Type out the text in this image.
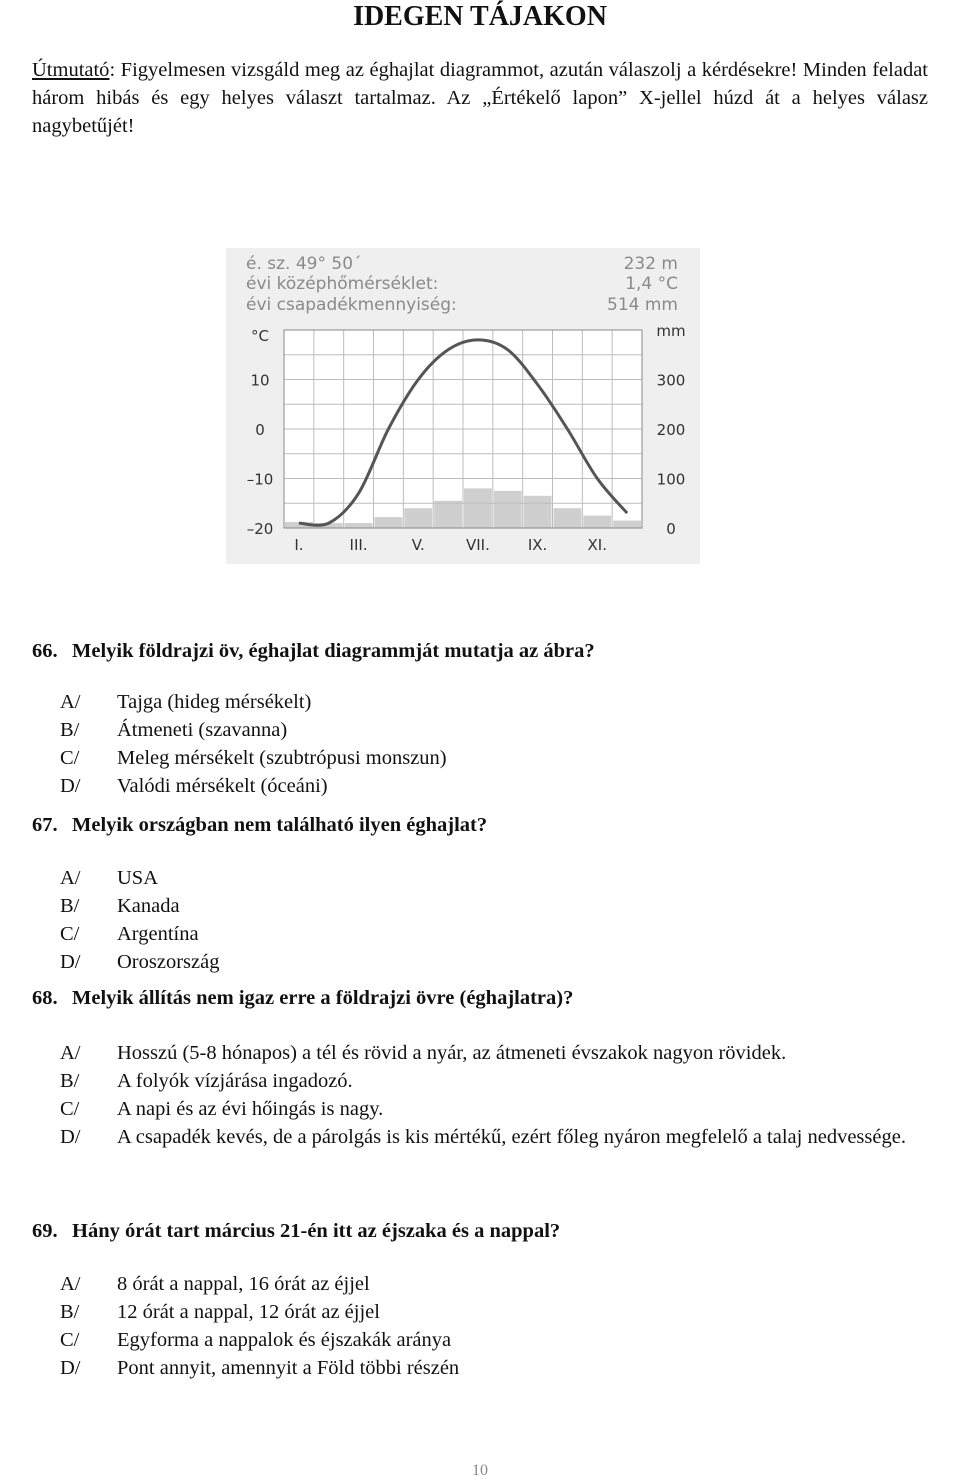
IDEGEN TÁJAKON
Útmutató: Figyelmesen vizsgáld meg az éghajlat diagrammot, azután válaszolj a kérdésekre! Minden feladat három hibás és egy helyes választ tartalmaz. Az „Értékelő lapon” X-jellel húzd át a helyes válasz nagybetűjét!
é. sz. 49° 50´	232 m
évi középhőmérséklet:	1,4 °C
évi csapadékmennyiség:	514 mm
°C	mm
10
0
–10
–20
300
200
100
0
I.	III.	V.	VII.	IX.	XI.
66. Melyik földrajzi öv, éghajlat diagrammját mutatja az ábra?
A/ Tajga (hideg mérsékelt)
B/ Átmeneti (szavanna)
C/ Meleg mérsékelt (szubtrópusi monszun)
D/ Valódi mérsékelt (óceáni)
67. Melyik országban nem található ilyen éghajlat?
A/ USA
B/ Kanada
C/ Argentína
D/ Oroszország
68. Melyik állítás nem igaz erre a földrajzi övre (éghajlatra)?
A/ Hosszú (5-8 hónapos) a tél és rövid a nyár, az átmeneti évszakok nagyon rövidek.
B/ A folyók vízjárása ingadozó.
C/ A napi és az évi hőingás is nagy.
D/ A csapadék kevés, de a párolgás is kis mértékű, ezért főleg nyáron megfelelő a talaj nedvessége.
69. Hány órát tart március 21-én itt az éjszaka és a nappal?
A/ 8 órát a nappal, 16 órát az éjjel
B/ 12 órát a nappal, 12 órát az éjjel
C/ Egyforma a nappalok és éjszakák aránya
D/ Pont annyit, amennyit a Föld többi részén
10
